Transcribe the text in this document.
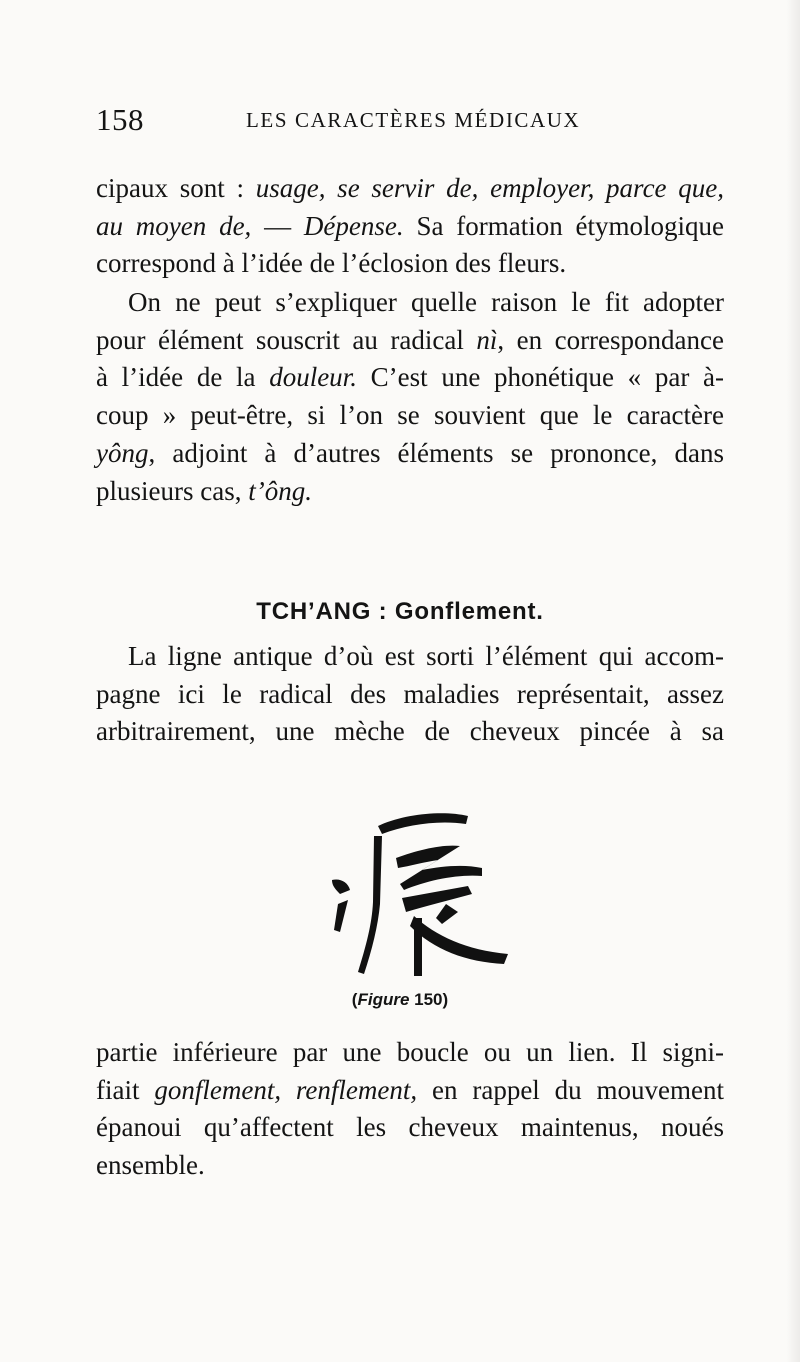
158	LES CARACTÈRES MÉDICAUX

cipaux sont : usage, se servir de, employer, parce que,
au moyen de, — Dépense. Sa formation étymologique
correspond à l’idée de l’éclosion des fleurs.

On ne peut s’expliquer quelle raison le fit adopter
pour élément souscrit au radical nì, en correspondance
à l’idée de la douleur. C’est une phonétique « par à-
coup » peut-être, si l’on se souvient que le caractère
yông, adjoint à d’autres éléments se prononce, dans
plusieurs cas, t’ông.

TCH’ANG : Gonflement.

La ligne antique d’où est sorti l’élément qui accom-
pagne ici le radical des maladies représentait, assez
arbitrairement, une mèche de cheveux pincée à sa

(Figure 150)

partie inférieure par une boucle ou un lien. Il signi-
fiait gonflement, renflement, en rappel du mouvement
épanoui qu’affectent les cheveux maintenus, noués
ensemble.
